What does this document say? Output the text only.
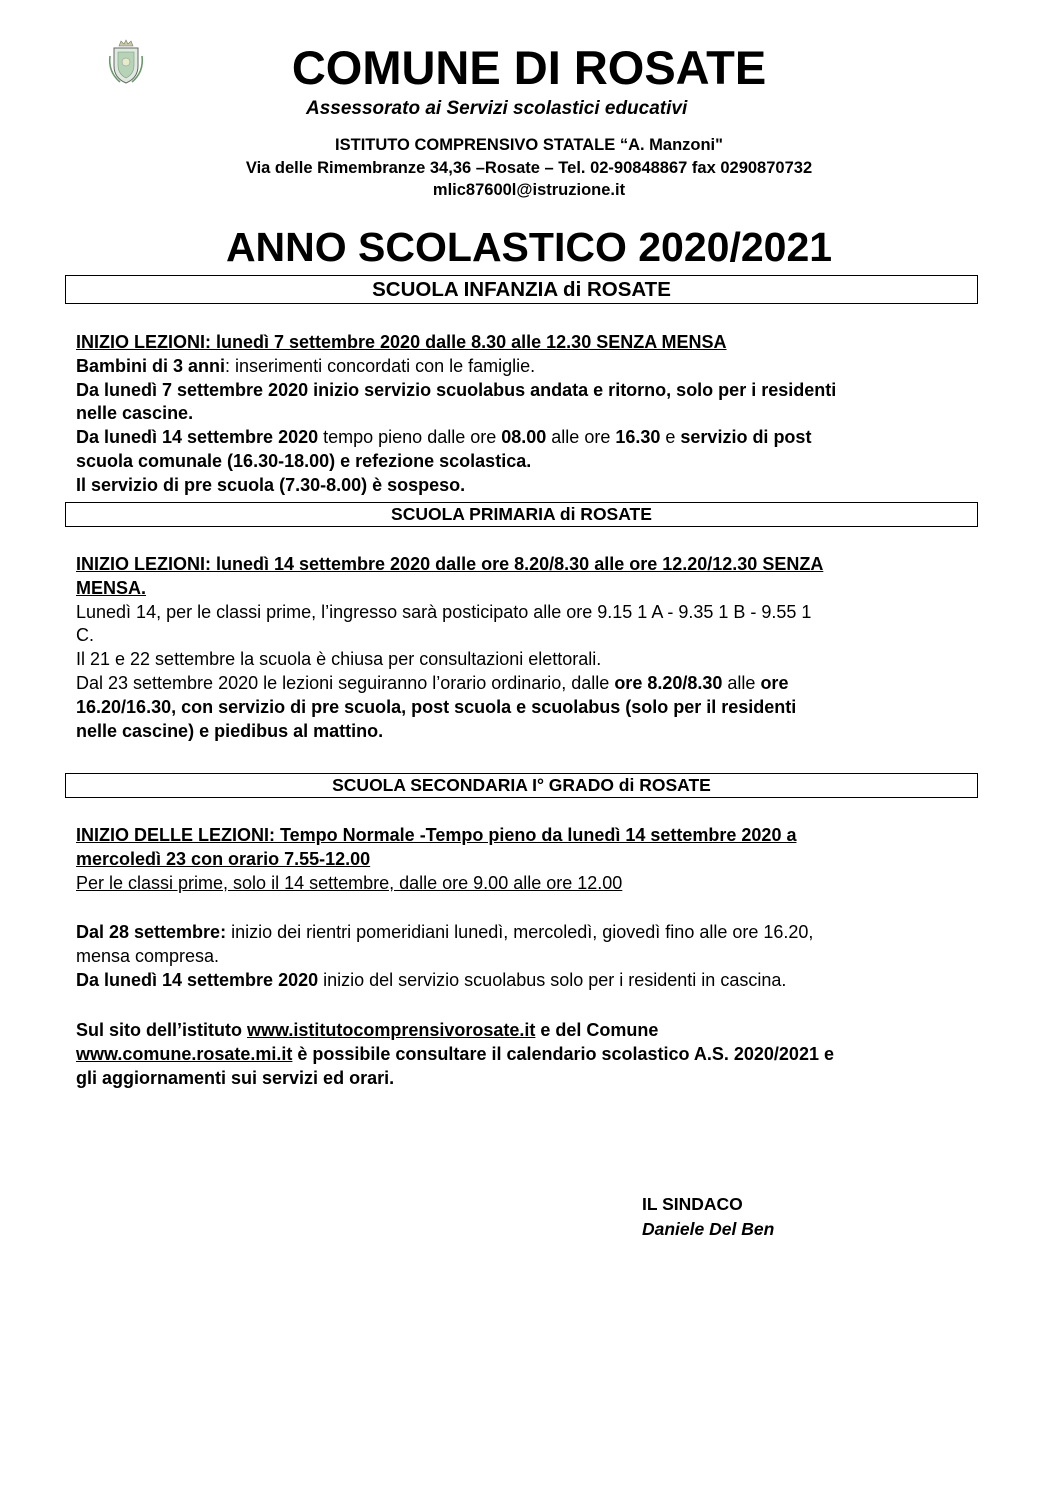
COMUNE DI ROSATE
Assessorato ai Servizi scolastici educativi
ISTITUTO COMPRENSIVO STATALE “A. Manzoni"
Via delle Rimembranze 34,36 –Rosate – Tel. 02-90848867 fax 0290870732
mlic87600l@istruzione.it
ANNO SCOLASTICO 2020/2021
SCUOLA INFANZIA di ROSATE
INIZIO LEZIONI: lunedì 7 settembre 2020 dalle 8.30 alle 12.30 SENZA MENSA
Bambini di 3 anni: inserimenti concordati con le famiglie.
Da lunedì 7 settembre 2020 inizio servizio scuolabus andata e ritorno, solo per i residenti
nelle cascine.
Da lunedì 14 settembre 2020 tempo pieno dalle ore 08.00 alle ore 16.30 e servizio di post
scuola comunale (16.30-18.00) e refezione scolastica.
Il servizio di pre scuola (7.30-8.00) è sospeso.
SCUOLA PRIMARIA di ROSATE
INIZIO LEZIONI: lunedì 14 settembre 2020 dalle ore 8.20/8.30 alle ore 12.20/12.30 SENZA
MENSA.
Lunedì 14, per le classi prime, l’ingresso sarà posticipato alle ore 9.15 1 A - 9.35 1 B - 9.55 1
C.
Il 21 e 22 settembre la scuola è chiusa per consultazioni elettorali.
Dal 23 settembre 2020 le lezioni seguiranno l’orario ordinario, dalle ore 8.20/8.30 alle ore
16.20/16.30, con servizio di pre scuola, post scuola e scuolabus (solo per il residenti
nelle cascine) e piedibus al mattino.
SCUOLA SECONDARIA I° GRADO di ROSATE
INIZIO DELLE LEZIONI: Tempo Normale -Tempo pieno da lunedì 14 settembre 2020 a
mercoledì 23 con orario 7.55-12.00
Per le classi prime, solo il 14 settembre, dalle ore 9.00 alle ore 12.00
Dal 28 settembre: inizio dei rientri pomeridiani lunedì, mercoledì, giovedì fino alle ore 16.20,
mensa compresa.
Da lunedì 14 settembre 2020 inizio del servizio scuolabus solo per i residenti in cascina.
Sul sito dell’istituto www.istitutocomprensivorosate.it e del Comune
www.comune.rosate.mi.it è possibile consultare il calendario scolastico A.S. 2020/2021 e
gli aggiornamenti sui servizi ed orari.
IL SINDACO
Daniele Del Ben
